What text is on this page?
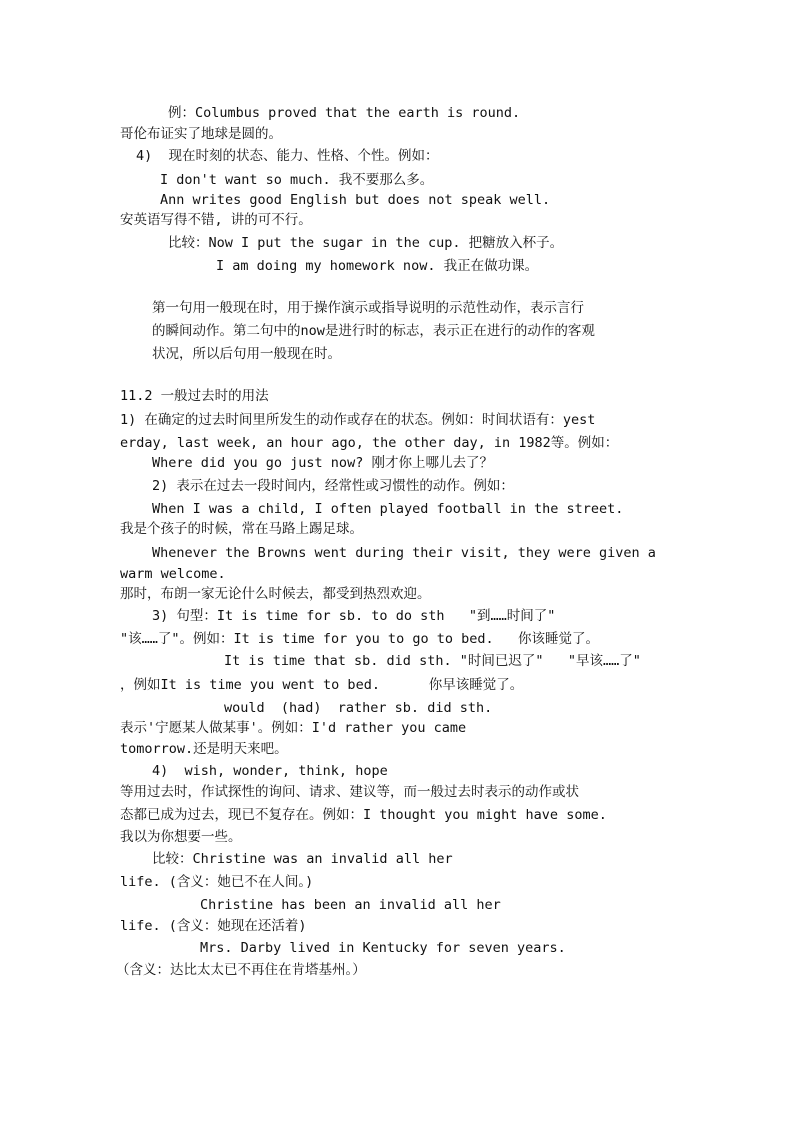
例：Columbus proved that the earth is round.
哥伦布证实了地球是圆的。
4)  现在时刻的状态、能力、性格、个性。例如：
I don't want so much. 我不要那么多。
Ann writes good English but does not speak well.
安英语写得不错, 讲的可不行。
比较：Now I put the sugar in the cup. 把糖放入杯子。
I am doing my homework now. 我正在做功课。
第一句用一般现在时，用于操作演示或指导说明的示范性动作，表示言行
的瞬间动作。第二句中的now是进行时的标志，表示正在进行的动作的客观
状况，所以后句用一般现在时。
11.2 一般过去时的用法
1) 在确定的过去时间里所发生的动作或存在的状态。例如：时间状语有：yest
erday, last week, an hour ago, the other day, in 1982等。例如：
Where did you go just now? 刚才你上哪儿去了？
2) 表示在过去一段时间内，经常性或习惯性的动作。例如：
When I was a child, I often played football in the street.
我是个孩子的时候，常在马路上踢足球。
Whenever the Browns went during their visit, they were given a
warm welcome.
那时，布朗一家无论什么时候去，都受到热烈欢迎。
3) 句型：It is time for sb. to do sth   "到……时间了"
"该……了"。例如：It is time for you to go to bed.   你该睡觉了。
It is time that sb. did sth. "时间已迟了"   "早该……了"
，例如It is time you went to bed.      你早该睡觉了。
would  (had)  rather sb. did sth.
表示'宁愿某人做某事'。例如：I'd rather you came
tomorrow.还是明天来吧。
4)  wish, wonder, think, hope
等用过去时，作试探性的询问、请求、建议等，而一般过去时表示的动作或状
态都已成为过去，现已不复存在。例如：I thought you might have some.
我以为你想要一些。
比较：Christine was an invalid all her
life. (含义：她已不在人间。)
Christine has been an invalid all her
life. (含义：她现在还活着)
Mrs. Darby lived in Kentucky for seven years.
（含义：达比太太已不再住在肯塔基州。）
